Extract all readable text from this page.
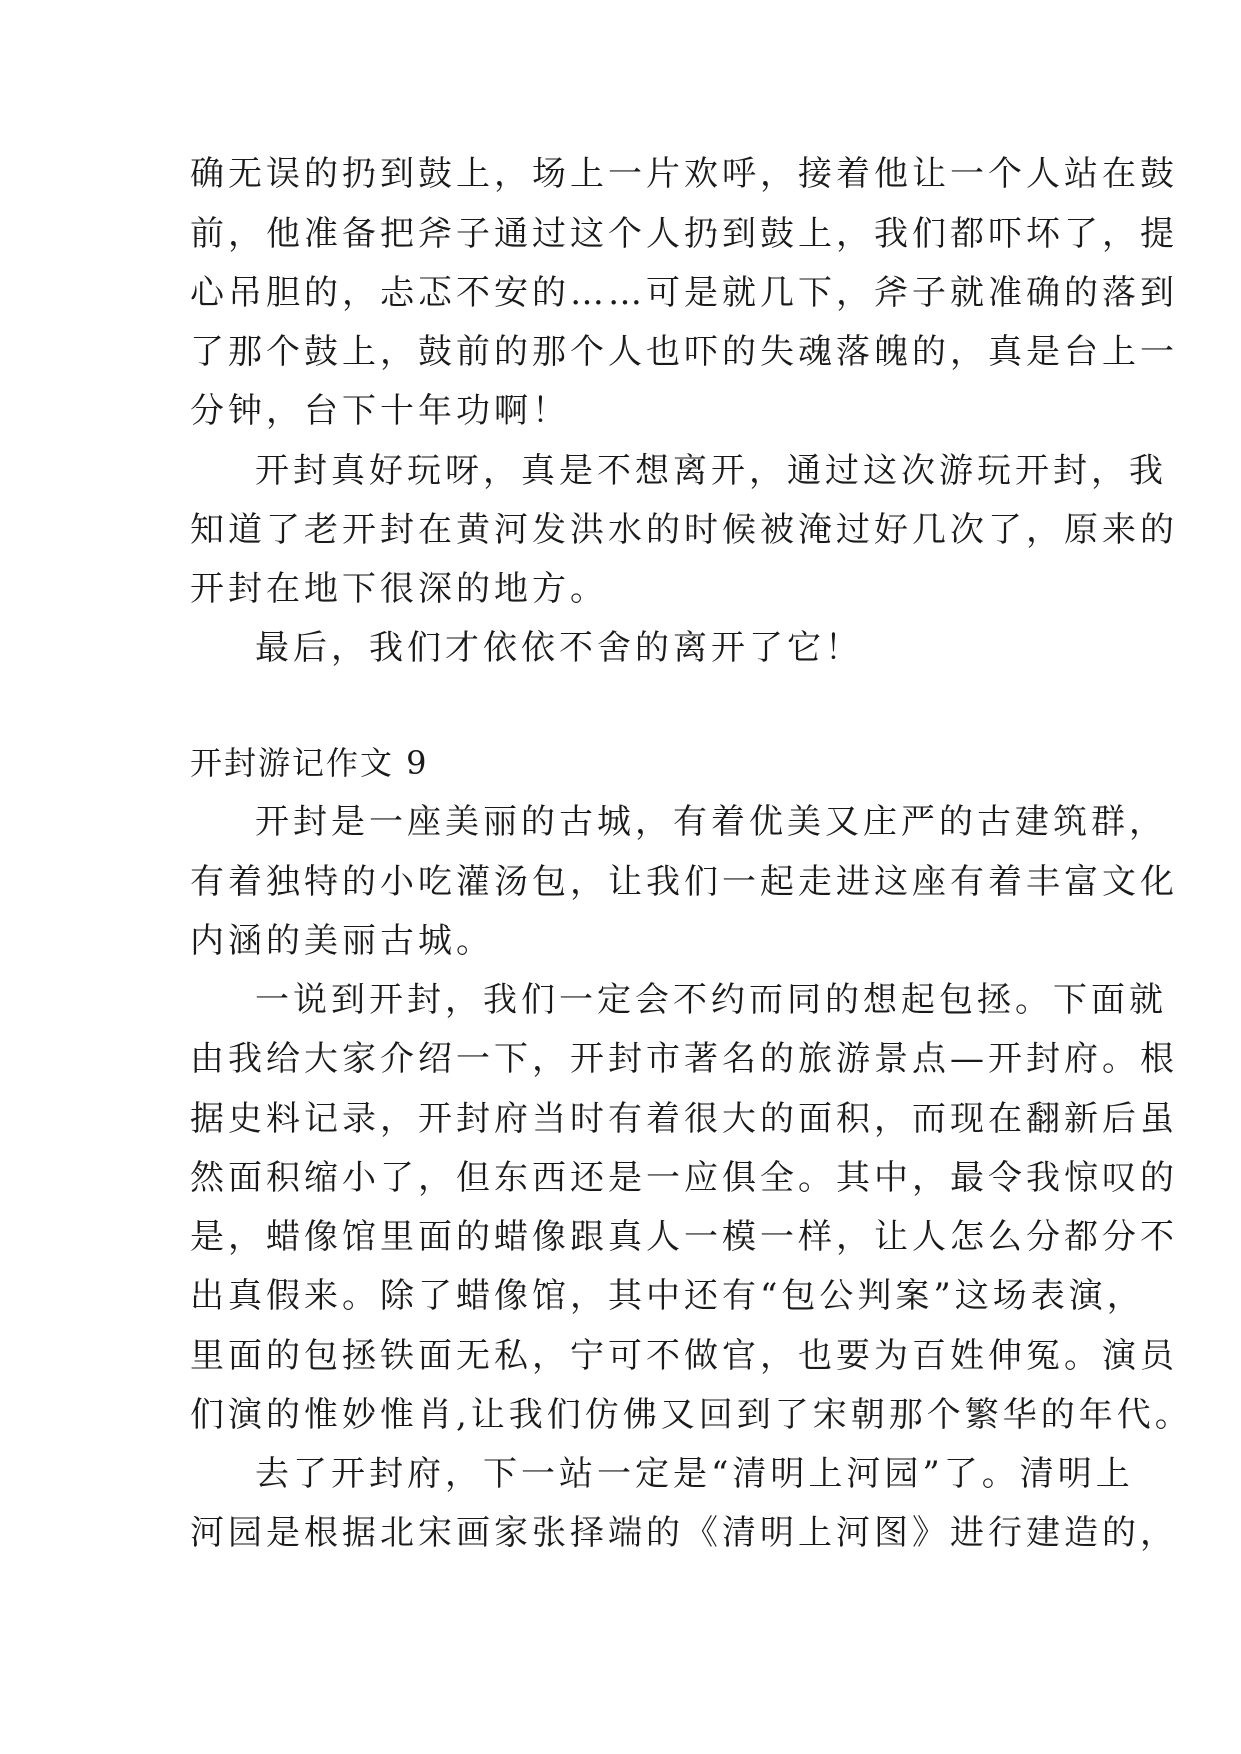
确无误的扔到鼓上，场上一片欢呼，接着他让一个人站在鼓
前，他准备把斧子通过这个人扔到鼓上，我们都吓坏了，提
心吊胆的，忐忑不安的……可是就几下，斧子就准确的落到
了那个鼓上，鼓前的那个人也吓的失魂落魄的，真是台上一
分钟，台下十年功啊！
开封真好玩呀，真是不想离开，通过这次游玩开封，我
知道了老开封在黄河发洪水的时候被淹过好几次了，原来的
开封在地下很深的地方。
最后，我们才依依不舍的离开了它！
开封游记作文 9
开封是一座美丽的古城，有着优美又庄严的古建筑群，
有着独特的小吃灌汤包，让我们一起走进这座有着丰富文化
内涵的美丽古城。
一说到开封，我们一定会不约而同的想起包拯。下面就
由我给大家介绍一下，开封市著名的旅游景点—开封府。根
据史料记录，开封府当时有着很大的面积，而现在翻新后虽
然面积缩小了，但东西还是一应俱全。其中，最令我惊叹的
是，蜡像馆里面的蜡像跟真人一模一样，让人怎么分都分不
出真假来。除了蜡像馆，其中还有“包公判案”这场表演，
里面的包拯铁面无私，宁可不做官，也要为百姓伸冤。演员
们演的惟妙惟肖,让我们仿佛又回到了宋朝那个繁华的年代。
去了开封府，下一站一定是“清明上河园”了。清明上
河园是根据北宋画家张择端的《清明上河图》进行建造的，
